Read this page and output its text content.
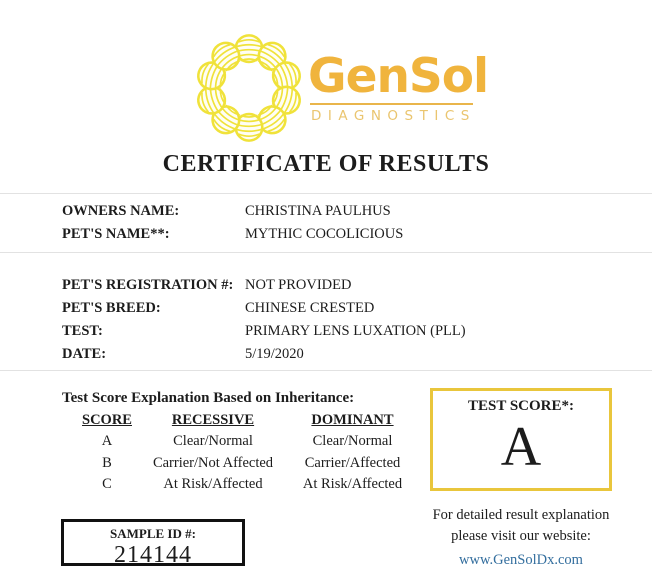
GenSol
DIAGNOSTICS
CERTIFICATE OF RESULTS
OWNERS NAME:	CHRISTINA PAULHUS
PET'S NAME**:	MYTHIC COCOLICIOUS
PET'S REGISTRATION #: NOT PROVIDED
PET'S BREED:	CHINESE CRESTED
TEST:	PRIMARY LENS LUXATION (PLL)
DATE:	5/19/2020
Test Score Explanation Based on Inheritance:
SCORE	RECESSIVE	DOMINANT
A	Clear/Normal	Clear/Normal
B	Carrier/Not Affected	Carrier/Affected
C	At Risk/Affected	At Risk/Affected
TEST SCORE*:
A
SAMPLE ID #:
214144
For detailed result explanation
please visit our website:
www.GenSolDx.com
